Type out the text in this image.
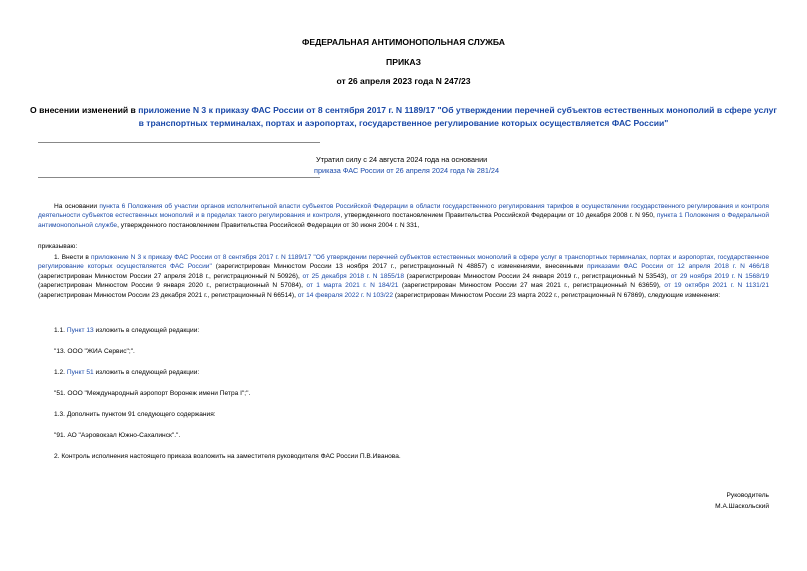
ФЕДЕРАЛЬНАЯ АНТИМОНОПОЛЬНАЯ СЛУЖБА
ПРИКАЗ
от 26 апреля 2023 года N 247/23
О внесении изменений в приложение N 3 к приказу ФАС России от 8 сентября 2017 г. N 1189/17 "Об утверждении перечней субъектов естественных монополий в сфере услуг в транспортных терминалах, портах и аэропортах, государственное регулирование которых осуществляется ФАС России"
Утратил силу с 24 августа 2024 года на основании
приказа ФАС России от 26 апреля 2024 года № 281/24
На основании пункта 6 Положения об участии органов исполнительной власти субъектов Российской Федерации в области государственного регулирования тарифов в осуществлении государственного регулирования и контроля деятельности субъектов естественных монополий и в пределах такого регулирования и контроля, утвержденного постановлением Правительства Российской Федерации от 10 декабря 2008 г. N 950, пункта 1 Положения о Федеральной антимонопольной службе, утвержденного постановлением Правительства Российской Федерации от 30 июня 2004 г. N 331,
приказываю:
1. Внести в приложение N 3 к приказу ФАС России от 8 сентября 2017 г. N 1189/17 "Об утверждении перечней субъектов естественных монополий в сфере услуг в транспортных терминалах, портах и аэропортах, государственное регулирование которых осуществляется ФАС России" (зарегистрирован Минюстом России 13 ноября 2017 г., регистрационный N 48857) с изменениями, внесенными приказами ФАС России от 12 апреля 2018 г. N 466/18 (зарегистрирован Минюстом России 27 апреля 2018 г., регистрационный N 50926), от 25 декабря 2018 г. N 1855/18 (зарегистрирован Минюстом России 24 января 2019 г., регистрационный N 53543), от 29 ноября 2019 г. N 1568/19 (зарегистрирован Минюстом России 9 января 2020 г., регистрационный N 57084), от 1 марта 2021 г. N 184/21 (зарегистрирован Минюстом России 27 мая 2021 г., регистрационный N 63659), от 19 октября 2021 г. N 1131/21 (зарегистрирован Минюстом России 23 декабря 2021 г., регистрационный N 66514), от 14 февраля 2022 г. N 103/22 (зарегистрирован Минюстом России 23 марта 2022 г., регистрационный N 67869), следующие изменения:
1.1. Пункт 13 изложить в следующей редакции:
"13. ООО "ЖИА Сервис";".
1.2. Пункт 51 изложить в следующей редакции:
"51. ООО "Международный аэропорт Воронеж имени Петра I";".
1.3. Дополнить пунктом 91 следующего содержания:
"91. АО "Аэровокзал Южно-Сахалинск".".
2. Контроль исполнения настоящего приказа возложить на заместителя руководителя ФАС России П.В.Иванова.
Руководитель
М.А.Шаскольский
